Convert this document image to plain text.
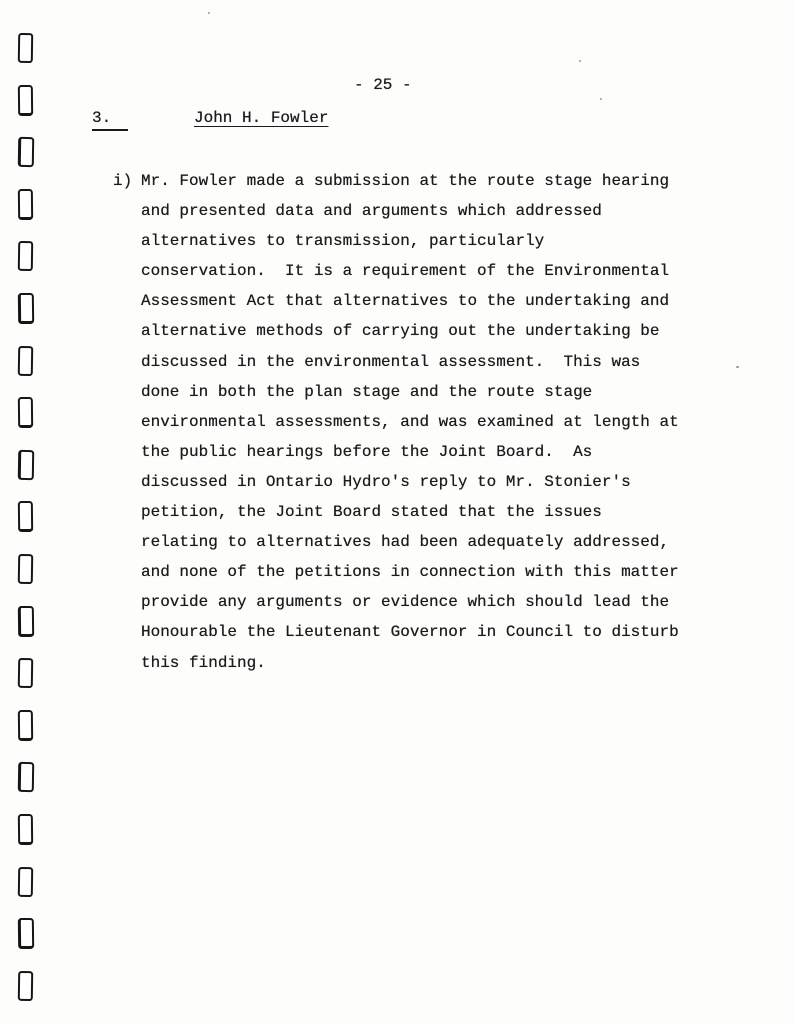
- 25 -
3.	John H. Fowler
i) Mr. Fowler made a submission at the route stage hearing
and presented data and arguments which addressed
alternatives to transmission, particularly
conservation.  It is a requirement of the Environmental
Assessment Act that alternatives to the undertaking and
alternative methods of carrying out the undertaking be
discussed in the environmental assessment.  This was
done in both the plan stage and the route stage
environmental assessments, and was examined at length at
the public hearings before the Joint Board.  As
discussed in Ontario Hydro's reply to Mr. Stonier's
petition, the Joint Board stated that the issues
relating to alternatives had been adequately addressed,
and none of the petitions in connection with this matter
provide any arguments or evidence which should lead the
Honourable the Lieutenant Governor in Council to disturb
this finding.
